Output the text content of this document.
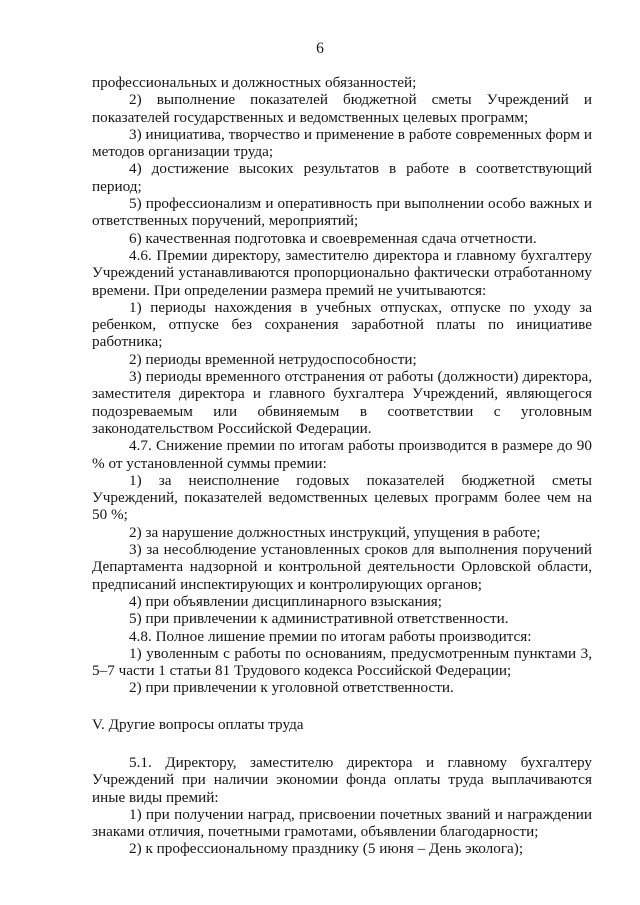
6

профессиональных и должностных обязанностей;

2) выполнение показателей бюджетной сметы Учреждений и показателей государственных и ведомственных целевых программ;

3) инициатива, творчество и применение в работе современных форм и методов организации труда;

4) достижение высоких результатов в работе в соответствующий период;

5) профессионализм и оперативность при выполнении особо важных и ответственных поручений, мероприятий;

6) качественная подготовка и своевременная сдача отчетности.

4.6. Премии директору, заместителю директора и главному бухгалтеру Учреждений устанавливаются пропорционально фактически отработанному времени. При определении размера премий не учитываются:

1) периоды нахождения в учебных отпусках, отпуске по уходу за ребенком, отпуске без сохранения заработной платы по инициативе работника;

2) периоды временной нетрудоспособности;

3) периоды временного отстранения от работы (должности) директора, заместителя директора и главного бухгалтера Учреждений, являющегося подозреваемым или обвиняемым в соответствии с уголовным законодательством Российской Федерации.

4.7. Снижение премии по итогам работы производится в размере до 90 % от установленной суммы премии:

1) за неисполнение годовых показателей бюджетной сметы Учреждений, показателей ведомственных целевых программ более чем на 50 %;

2) за нарушение должностных инструкций, упущения в работе;

3) за несоблюдение установленных сроков для выполнения поручений Департамента надзорной и контрольной деятельности Орловской области, предписаний инспектирующих и контролирующих органов;

4) при объявлении дисциплинарного взыскания;

5) при привлечении к административной ответственности.

4.8. Полное лишение премии по итогам работы производится:

1) уволенным с работы по основаниям, предусмотренным пунктами 3, 5–7 части 1 статьи 81 Трудового кодекса Российской Федерации;

2) при привлечении к уголовной ответственности.

V. Другие вопросы оплаты труда

5.1. Директору, заместителю директора и главному бухгалтеру Учреждений при наличии экономии фонда оплаты труда выплачиваются иные виды премий:

1) при получении наград, присвоении почетных званий и награждении знаками отличия, почетными грамотами, объявлении благодарности;

2) к профессиональному празднику (5 июня – День эколога);
